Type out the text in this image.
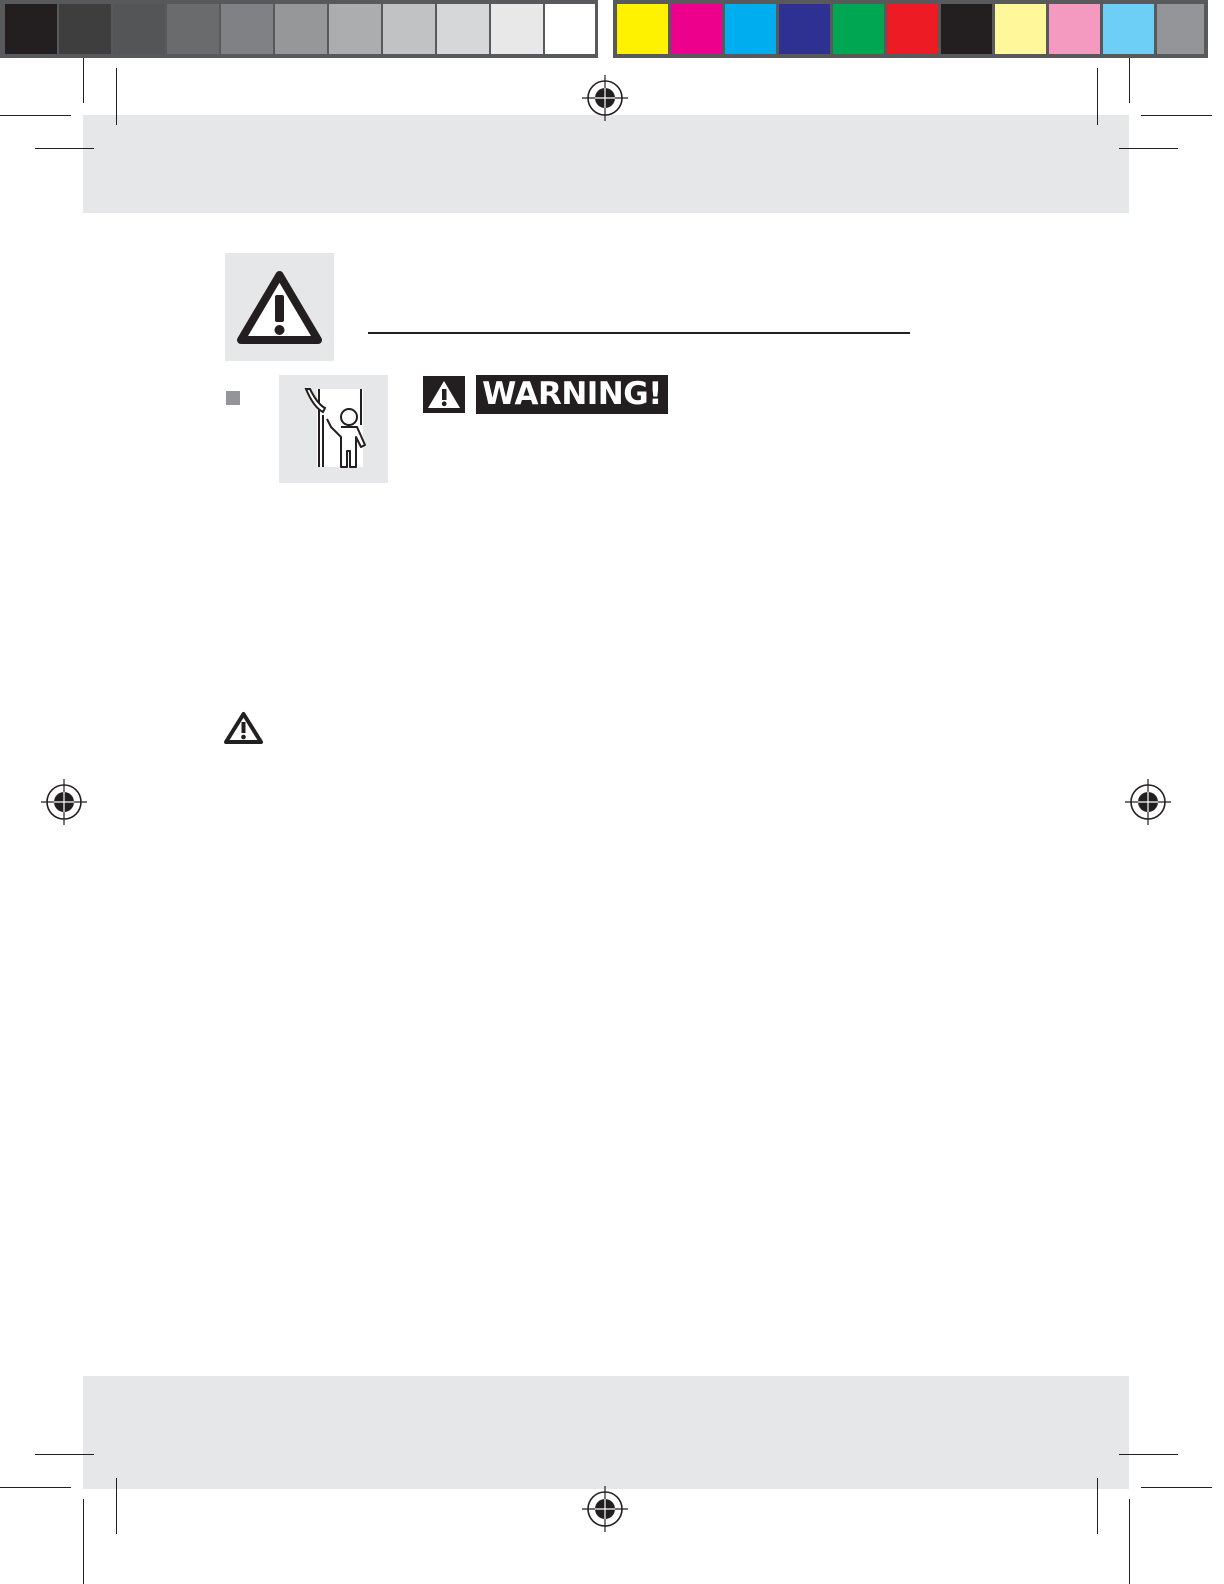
WARNING!
